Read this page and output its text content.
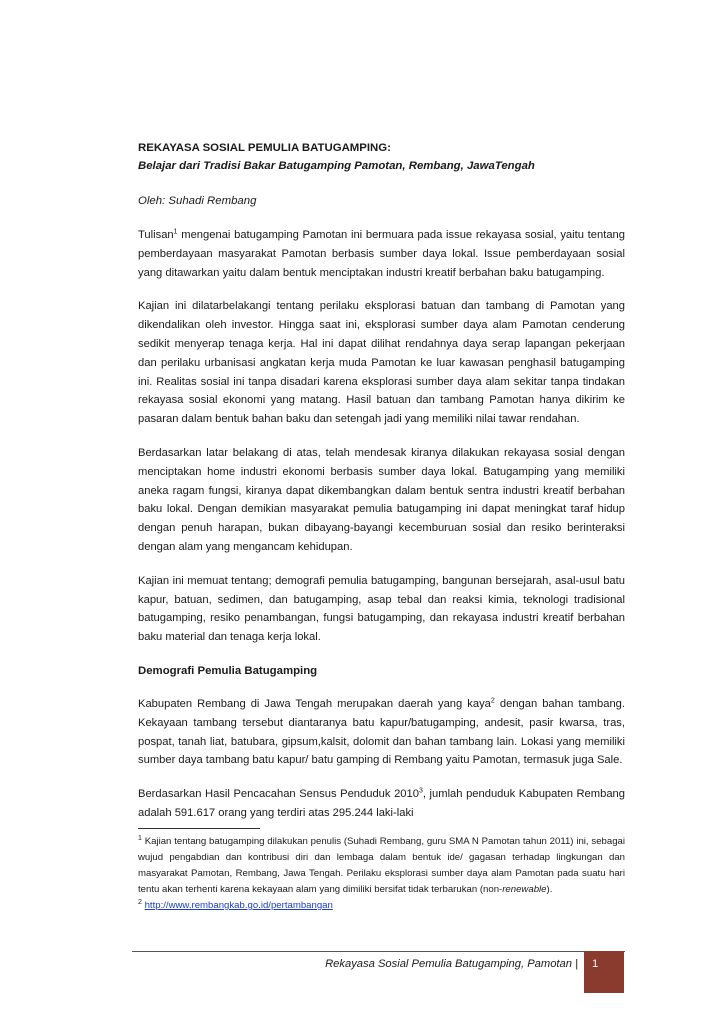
REKAYASA SOSIAL PEMULIA BATUGAMPING:

Belajar dari Tradisi Bakar Batugamping Pamotan, Rembang, JawaTengah

Oleh: Suhadi Rembang

Tulisan$^1$ mengenai batugamping Pamotan ini bermuara pada issue rekayasa sosial, yaitu tentang pemberdayaan masyarakat Pamotan berbasis sumber daya lokal. Issue pemberdayaan sosial yang ditawarkan yaitu dalam bentuk menciptakan industri kreatif berbahan baku batugamping.

Kajian ini dilatarbelakangi tentang perilaku eksplorasi batuan dan tambang di Pamotan yang dikendalikan oleh investor. Hingga saat ini, eksplorasi sumber daya alam Pamotan cenderung sedikit menyerap tenaga kerja. Hal ini dapat dilihat rendahnya daya serap lapangan pekerjaan dan perilaku urbanisasi angkatan kerja muda Pamotan ke luar kawasan penghasil batugamping ini. Realitas sosial ini tanpa disadari karena eksplorasi sumber daya alam sekitar tanpa tindakan rekayasa sosial ekonomi yang matang. Hasil batuan dan tambang Pamotan hanya dikirim ke pasaran dalam bentuk bahan baku dan setengah jadi yang memiliki nilai tawar rendahan.

Berdasarkan latar belakang di atas, telah mendesak kiranya dilakukan rekayasa sosial dengan menciptakan home industri ekonomi berbasis sumber daya lokal. Batugamping yang memiliki aneka ragam fungsi, kiranya dapat dikembangkan dalam bentuk sentra industri kreatif berbahan baku lokal. Dengan demikian masyarakat pemulia batugamping ini dapat meningkat taraf hidup dengan penuh harapan, bukan dibayang-bayangi kecemburuan sosial dan resiko berinteraksi dengan alam yang mengancam kehidupan.

Kajian ini memuat tentang; demografi pemulia batugamping, bangunan bersejarah, asal-usul batu kapur, batuan, sedimen, dan batugamping, asap tebal dan reaksi kimia, teknologi tradisional batugamping, resiko penambangan, fungsi batugamping, dan rekayasa industri kreatif berbahan baku material dan tenaga kerja lokal.

Demografi Pemulia Batugamping

Kabupaten Rembang di Jawa Tengah merupakan daerah yang kaya$^2$ dengan bahan tambang. Kekayaan tambang tersebut diantaranya batu kapur/batugamping, andesit, pasir kwarsa, tras, pospat, tanah liat, batubara, gipsum,kalsit, dolomit dan bahan tambang lain. Lokasi yang memiliki sumber daya tambang batu kapur/ batu gamping di Rembang yaitu Pamotan, termasuk juga Sale.

Berdasarkan Hasil Pencacahan Sensus Penduduk 2010$^3$, jumlah penduduk Kabupaten Rembang adalah 591.617 orang yang terdiri atas 295.244 laki-laki

$^1$ Kajian tentang batugamping dilakukan penulis (Suhadi Rembang, guru SMA N Pamotan tahun 2011) ini, sebagai wujud pengabdian dan kontribusi diri dan lembaga dalam bentuk ide/ gagasan terhadap lingkungan dan masyarakat Pamotan, Rembang, Jawa Tengah. Perilaku eksplorasi sumber daya alam Pamotan pada suatu hari tentu akan terhenti karena kekayaan alam yang dimiliki bersifat tidak terbarukan (non-renewable).

$^2$ http://www.rembangkab.go.id/pertambangan

Rekayasa Sosial Pemulia Batugamping, Pamotan | 1
